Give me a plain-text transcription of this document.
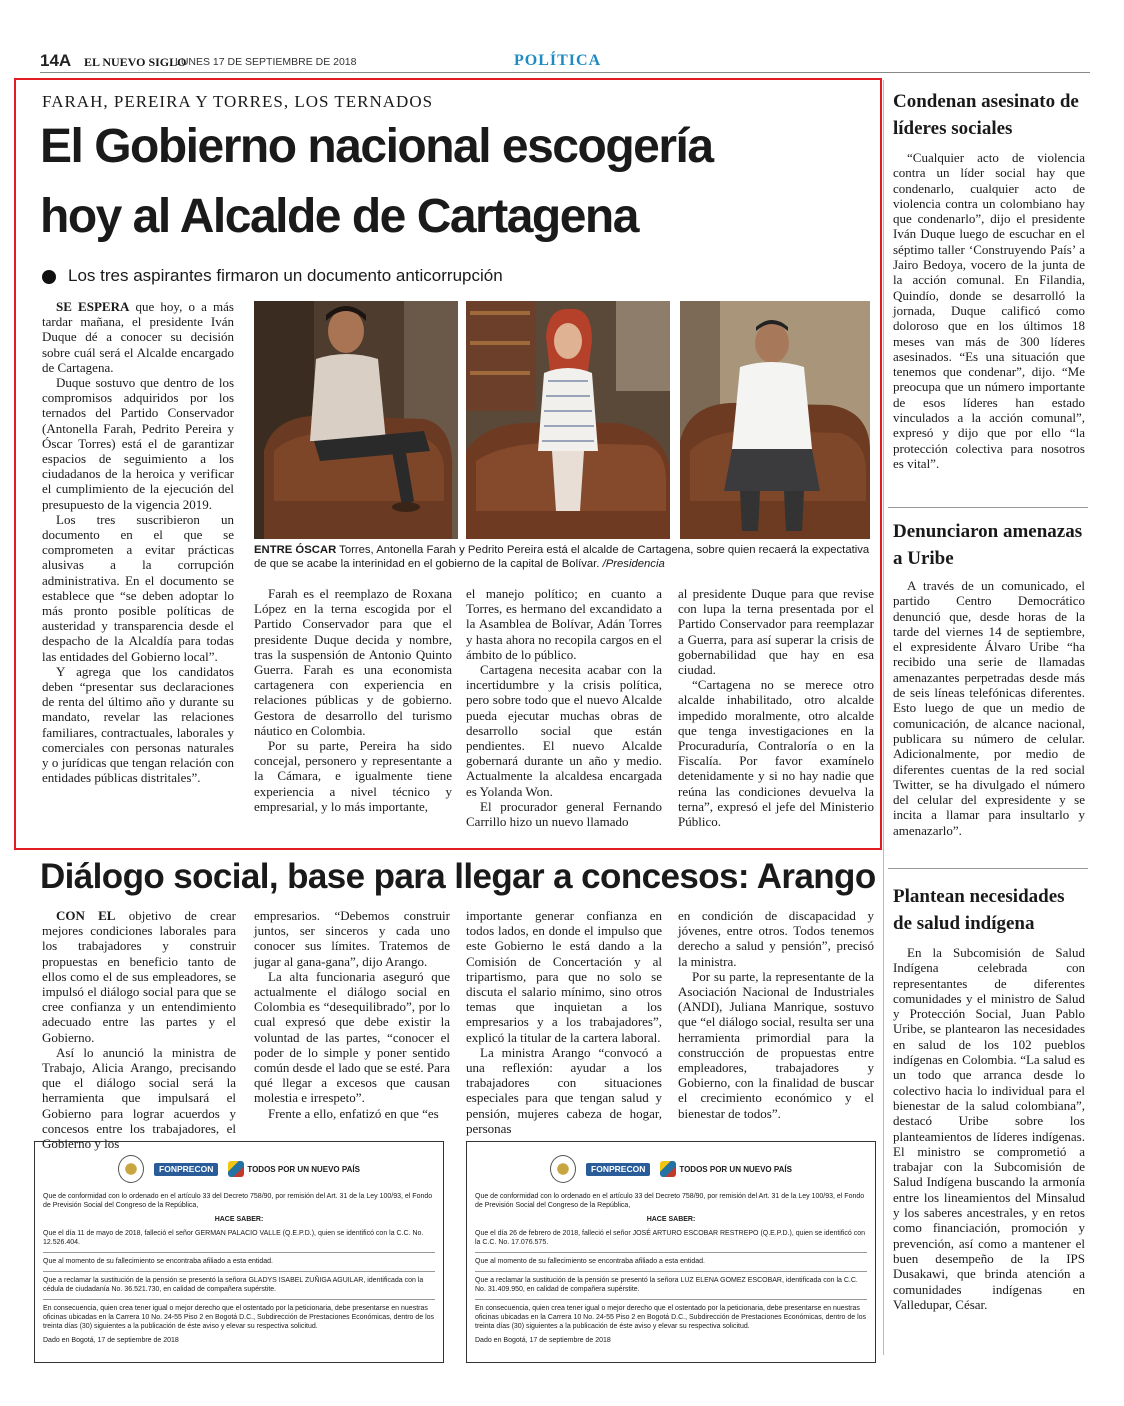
14A EL NUEVO SIGLO
LUNES 17 DE SEPTIEMBRE DE 2018	POLÍTICA
FARAH, PEREIRA Y TORRES, LOS TERNADOS
El Gobierno nacional escogería
hoy al Alcalde de Cartagena
Los tres aspirantes firmaron un documento anticorrupción

SE ESPERA que hoy, o a más tardar mañana, el presidente Iván Duque dé a conocer su decisión sobre cuál será el Alcalde encargado de Cartagena.

Duque sostuvo que dentro de los compromisos adquiridos por los ternados del Partido Conservador (Antonella Farah, Pedrito Pereira y Óscar Torres) está el de garantizar espacios de seguimiento a los ciudadanos de la heroica y verificar el cumplimiento de la ejecución del presupuesto de la vigencia 2019.

Los tres suscribieron un documento en el que se comprometen a evitar prácticas alusivas a la corrupción administrativa. En el documento se establece que “se deben adoptar lo más pronto posible políticas de austeridad y transparencia desde el despacho de la Alcaldía para todas las entidades del Gobierno local”.

Y agrega que los candidatos deben “presentar sus declaraciones de renta del último año y durante su mandato, revelar las relaciones familiares, contractuales, laborales y comerciales con personas naturales y o jurídicas que tengan relación con entidades públicas distritales”.

ENTRE ÓSCAR Torres, Antonella Farah y Pedrito Pereira está el alcalde de Cartagena, sobre quien recaerá la expectativa de que se acabe la interinidad en el gobierno de la capital de Bolívar. /Presidencia

Farah es el reemplazo de Roxana López en la terna escogida por el Partido Conservador para que el presidente Duque decida y nombre, tras la suspensión de Antonio Quinto Guerra. Farah es una economista cartagenera con experiencia en relaciones públicas y de gobierno. Gestora de desarrollo del turismo náutico en Colombia.

Por su parte, Pereira ha sido concejal, personero y representante a la Cámara, e igualmente tiene experiencia a nivel técnico y empresarial, y lo más importante,

el manejo político; en cuanto a Torres, es hermano del excandidato a la Asamblea de Bolívar, Adán Torres y hasta ahora no recopila cargos en el ámbito de lo público.

Cartagena necesita acabar con la incertidumbre y la crisis política, pero sobre todo que el nuevo Alcalde pueda ejecutar muchas obras de desarrollo social que están pendientes. El nuevo Alcalde gobernará durante un año y medio. Actualmente la alcaldesa encargada es Yolanda Won.

El procurador general Fernando Carrillo hizo un nuevo llamado

al presidente Duque para que revise con lupa la terna presentada por el Partido Conservador para reemplazar a Guerra, para así superar la crisis de gobernabilidad que hay en esa ciudad.

“Cartagena no se merece otro alcalde inhabilitado, otro alcalde impedido moralmente, otro alcalde que tenga investigaciones en la Procuraduría, Contraloría o en la Fiscalía. Por favor examínelo detenidamente y si no hay nadie que reúna las condiciones devuelva la terna”, expresó el jefe del Ministerio Público.

Diálogo social, base para llegar a concesos: Arango

CON EL objetivo de crear mejores condiciones laborales para los trabajadores y construir propuestas en beneficio tanto de ellos como el de sus empleadores, se impulsó el diálogo social para que se cree confianza y un entendimiento adecuado entre las partes y el Gobierno.

Así lo anunció la ministra de Trabajo, Alicia Arango, precisando que el diálogo social será la herramienta que impulsará el Gobierno para lograr acuerdos y concesos entre los trabajadores, el Gobierno y los

empresarios. “Debemos construir juntos, ser sinceros y cada uno conocer sus límites. Tratemos de jugar al gana-gana”, dijo Arango.

La alta funcionaria aseguró que actualmente el diálogo social en Colombia es “desequilibrado”, por lo cual expresó que debe existir la voluntad de las partes, “conocer el poder de lo simple y poner sentido común desde el lado que se esté. Para qué llegar a excesos que causan molestia e irrespeto”.

Frente a ello, enfatizó en que “es

importante generar confianza en todos lados, en donde el impulso que este Gobierno le está dando a la Comisión de Concertación y al tripartismo, para que no solo se discuta el salario mínimo, sino otros temas que inquietan a los empresarios y a los trabajadores”, explicó la titular de la cartera laboral.

La ministra Arango “convocó a una reflexión: ayudar a los trabajadores con situaciones especiales para que tengan salud y pensión, mujeres cabeza de hogar, personas

en condición de discapacidad y jóvenes, entre otros. Todos tenemos derecho a salud y pensión”, precisó la ministra.

Por su parte, la representante de la Asociación Nacional de Industriales (ANDI), Juliana Manrique, sostuvo que “el diálogo social, resulta ser una herramienta primordial para la construcción de propuestas entre empleadores, trabajadores y Gobierno, con la finalidad de buscar el crecimiento económico y el bienestar de todos”.

Condenan asesinato de líderes sociales

“Cualquier acto de violencia contra un líder social hay que condenarlo, cualquier acto de violencia contra un colombiano hay que condenarlo”, dijo el presidente Iván Duque luego de escuchar en el séptimo taller ‘Construyendo País’ a Jairo Bedoya, vocero de la junta de la acción comunal. En Filandia, Quindío, donde se desarrolló la jornada, Duque calificó como doloroso que en los últimos 18 meses van más de 300 líderes asesinados. “Es una situación que tenemos que condenar”, dijo. “Me preocupa que un número importante de esos líderes han estado vinculados a la acción comunal”, expresó y dijo que por ello “la protección colectiva para nosotros es vital”.

Denunciaron amenazas a Uribe

A través de un comunicado, el partido Centro Democrático denunció que, desde horas de la tarde del viernes 14 de septiembre, el expresidente Álvaro Uribe “ha recibido una serie de llamadas amenazantes perpetradas desde más de seis líneas telefónicas diferentes. Esto luego de que un medio de comunicación, de alcance nacional, publicara su número de celular. Adicionalmente, por medio de diferentes cuentas de la red social Twitter, se ha divulgado el número del celular del expresidente y se incita a llamar para insultarlo y amenazarlo”.

Plantean necesidades de salud indígena

En la Subcomisión de Salud Indígena celebrada con representantes de diferentes comunidades y el ministro de Salud y Protección Social, Juan Pablo Uribe, se plantearon las necesidades en salud de los 102 pueblos indígenas en Colombia. “La salud es un todo que arranca desde lo colectivo hacia lo individual para el bienestar de la salud colombiana”, destacó Uribe sobre los planteamientos de líderes indígenas. El ministro se comprometió a trabajar con la Subcomisión de Salud Indígena buscando la armonía entre los lineamientos del Minsalud y los saberes ancestrales, y en retos como financiación, promoción y prevención, así como a mantener el buen desempeño de la IPS Dusakawi, que brinda atención a comunidades indígenas en Valledupar, César.

FONPRECON	TODOS POR UN NUEVO PAÍS

Que de conformidad con lo ordenado en el artículo 33 del Decreto 758/90, por remisión del Art. 31 de la Ley 100/93, el Fondo de Previsión Social del Congreso de la República,

HACE SABER:

Que el día 11 de mayo de 2018, falleció el señor GERMAN PALACIO VALLE (Q.E.P.D.), quien se identificó con la C.C. No. 12.526.404.

Que al momento de su fallecimiento se encontraba afiliado a esta entidad.

Que a reclamar la sustitución de la pensión se presentó la señora GLADYS ISABEL ZUÑIGA AGUILAR, identificada con la cédula de ciudadanía No. 36.521.730, en calidad de compañera supérstite.

En consecuencia, quien crea tener igual o mejor derecho que el ostentado por la peticionaria, debe presentarse en nuestras oficinas ubicadas en la Carrera 10 No. 24-55 Piso 2 en Bogotá D.C., Subdirección de Prestaciones Económicas, dentro de los treinta días (30) siguientes a la publicación de éste aviso y elevar su respectiva solicitud.

Dado en Bogotá, 17 de septiembre de 2018

FONPRECON	TODOS POR UN NUEVO PAÍS

Que de conformidad con lo ordenado en el artículo 33 del Decreto 758/90, por remisión del Art. 31 de la Ley 100/93, el Fondo de Previsión Social del Congreso de la República,

HACE SABER:

Que el día 26 de febrero de 2018, falleció el señor JOSÉ ARTURO ESCOBAR RESTREPO (Q.E.P.D.), quien se identificó con la C.C. No. 17.076.575.

Que al momento de su fallecimiento se encontraba afiliado a esta entidad.

Que a reclamar la sustitución de la pensión se presentó la señora LUZ ELENA GOMEZ ESCOBAR, identificada con la C.C. No. 31.409.950, en calidad de compañera supérstite.

En consecuencia, quien crea tener igual o mejor derecho que el ostentado por la peticionaria, debe presentarse en nuestras oficinas ubicadas en la Carrera 10 No. 24-55 Piso 2 en Bogotá D.C., Subdirección de Prestaciones Económicas, dentro de los treinta días (30) siguientes a la publicación de éste aviso y elevar su respectiva solicitud.

Dado en Bogotá, 17 de septiembre de 2018
